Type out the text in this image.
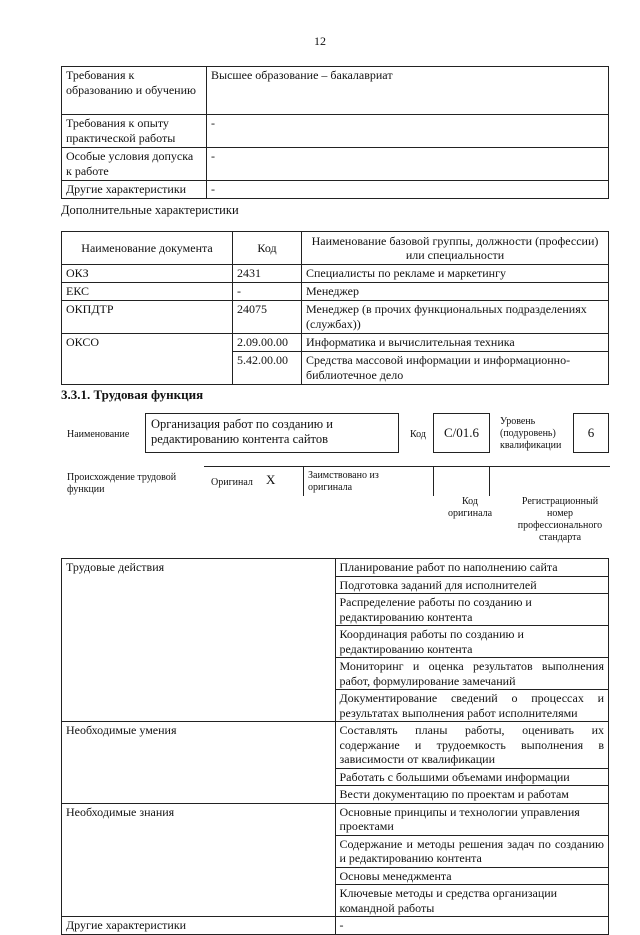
12
Требования к образованию и обучению	Высшее образование – бакалавриат
Требования к опыту практической работы	-
Особые условия допуска к работе	-
Другие характеристики	-
Дополнительные характеристики
Наименование документа	Код	Наименование базовой группы, должности (профессии) или специальности
ОКЗ	2431	Специалисты по рекламе и маркетингу
ЕКС	-	Менеджер
ОКПДТР	24075	Менеджер (в прочих функциональных подразделениях (службах))
ОКСО	2.09.00.00	Информатика и вычислительная техника
	5.42.00.00	Средства массовой информации и информационно-библиотечное дело
3.3.1. Трудовая функция
Наименование
Организация работ по созданию и редактированию контента сайтов	Код	С/01.6
Уровень (подуровень) квалификации
6
Происхождение трудовой функции
Оригинал Х	Заимствовано из оригинала
Код оригинала
Регистрационный номер профессионального стандарта
Трудовые действия	Планирование работ по наполнению сайта
	Подготовка заданий для исполнителей
	Распределение работы по созданию и редактированию контента
	Координация работы по созданию и редактированию контента
	Мониторинг и оценка результатов выполнения работ, формулирование замечаний
	Документирование сведений о процессах и результатах выполнения работ исполнителями
Необходимые умения	Составлять планы работы, оценивать их содержание и трудоемкость выполнения в зависимости от квалификации
	Работать с большими объемами информации
	Вести документацию по проектам и работам
Необходимые знания	Основные принципы и технологии управления проектами
	Содержание и методы решения задач по созданию и редактированию контента
	Основы менеджмента
	Ключевые методы и средства организации командной работы
Другие характеристики	-
